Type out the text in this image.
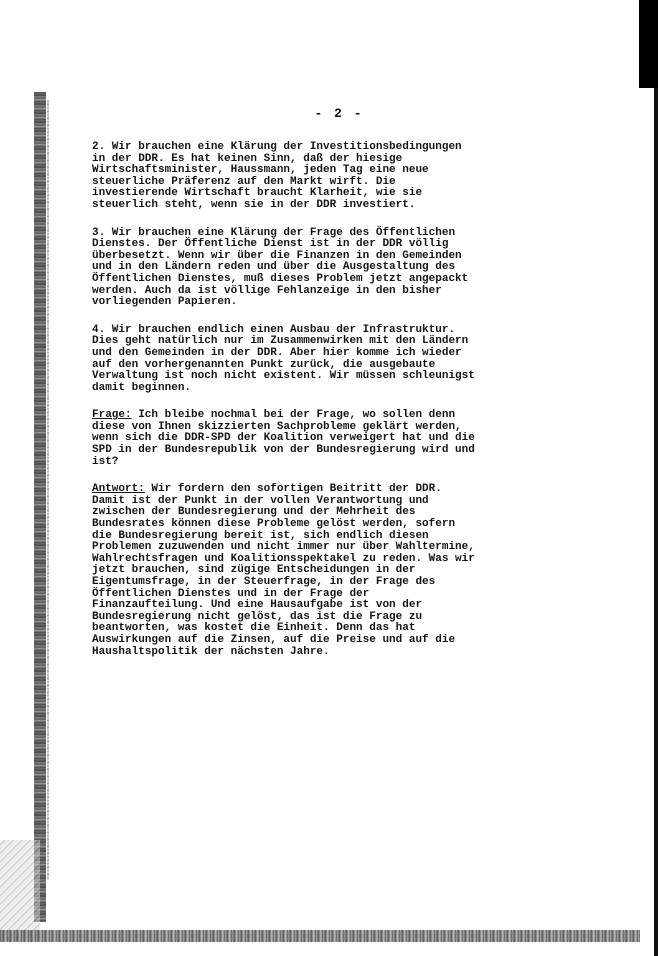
- 2 -

2. Wir brauchen eine Klärung der Investitionsbedingungen
in der DDR. Es hat keinen Sinn, daß der hiesige
Wirtschaftsminister, Haussmann, jeden Tag eine neue
steuerliche Präferenz auf den Markt wirft. Die
investierende Wirtschaft braucht Klarheit, wie sie
steuerlich steht, wenn sie in der DDR investiert.

3. Wir brauchen eine Klärung der Frage des Öffentlichen
Dienstes. Der Öffentliche Dienst ist in der DDR völlig
überbesetzt. Wenn wir über die Finanzen in den Gemeinden
und in den Ländern reden und über die Ausgestaltung des
Öffentlichen Dienstes, muß dieses Problem jetzt angepackt
werden. Auch da ist völlige Fehlanzeige in den bisher
vorliegenden Papieren.

4. Wir brauchen endlich einen Ausbau der Infrastruktur.
Dies geht natürlich nur im Zusammenwirken mit den Ländern
und den Gemeinden in der DDR. Aber hier komme ich wieder
auf den vorhergenannten Punkt zurück, die ausgebaute
Verwaltung ist noch nicht existent. Wir müssen schleunigst
damit beginnen.

Frage: Ich bleibe nochmal bei der Frage, wo sollen denn
diese von Ihnen skizzierten Sachprobleme geklärt werden,
wenn sich die DDR-SPD der Koalition verweigert hat und die
SPD in der Bundesrepublik von der Bundesregierung wird und
ist?

Antwort: Wir fordern den sofortigen Beitritt der DDR.
Damit ist der Punkt in der vollen Verantwortung und
zwischen der Bundesregierung und der Mehrheit des
Bundesrates können diese Probleme gelöst werden, sofern
die Bundesregierung bereit ist, sich endlich diesen
Problemen zuzuwenden und nicht immer nur über Wahltermine,
Wahlrechtsfragen und Koalitionsspektakel zu reden. Was wir
jetzt brauchen, sind zügige Entscheidungen in der
Eigentumsfrage, in der Steuerfrage, in der Frage des
Öffentlichen Dienstes und in der Frage der
Finanzaufteilung. Und eine Hausaufgabe ist von der
Bundesregierung nicht gelöst, das ist die Frage zu
beantworten, was kostet die Einheit. Denn das hat
Auswirkungen auf die Zinsen, auf die Preise und auf die
Haushaltspolitik der nächsten Jahre.
